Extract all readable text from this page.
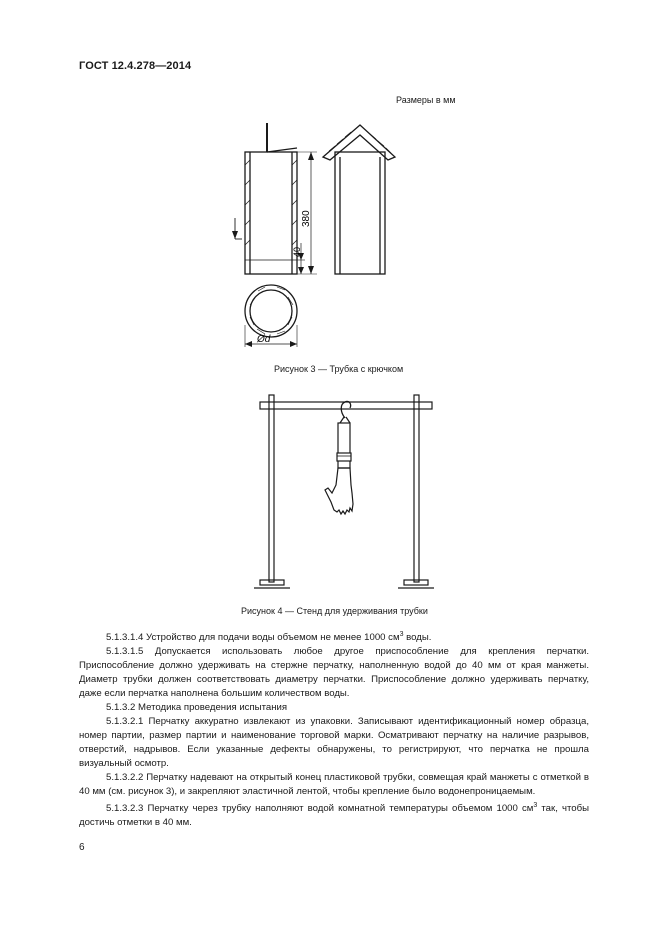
ГОСТ 12.4.278—2014
Размеры в мм
380
40
Ød
Рисунок 3 — Трубка с крючком
Рисунок 4 — Стенд для удерживания трубки

5.1.3.1.4 Устройство для подачи воды объемом не менее 1000 $см^3$ воды.

5.1.3.1.5 Допускается использовать любое другое приспособление для крепления перчатки. Приспособление должно удерживать на стержне перчатку, наполненную водой до 40 мм от края манжеты. Диаметр трубки должен соответствовать диаметру перчатки. Приспособление должно удерживать перчатку, даже если перчатка наполнена большим количеством воды.

5.1.3.2 Методика проведения испытания

5.1.3.2.1 Перчатку аккуратно извлекают из упаковки. Записывают идентификационный номер образца, номер партии, размер партии и наименование торговой марки. Осматривают перчатку на наличие разрывов, отверстий, надрывов. Если указанные дефекты обнаружены, то регистрируют, что перчатка не прошла визуальный осмотр.

5.1.3.2.2 Перчатку надевают на открытый конец пластиковой трубки, совмещая край манжеты с отметкой в 40 мм (см. рисунок 3), и закрепляют эластичной лентой, чтобы крепление было водонепроницаемым.

5.1.3.2.3 Перчатку через трубку наполняют водой комнатной температуры объемом 1000 $см^3$ так, чтобы достичь отметки в 40 мм.

6
